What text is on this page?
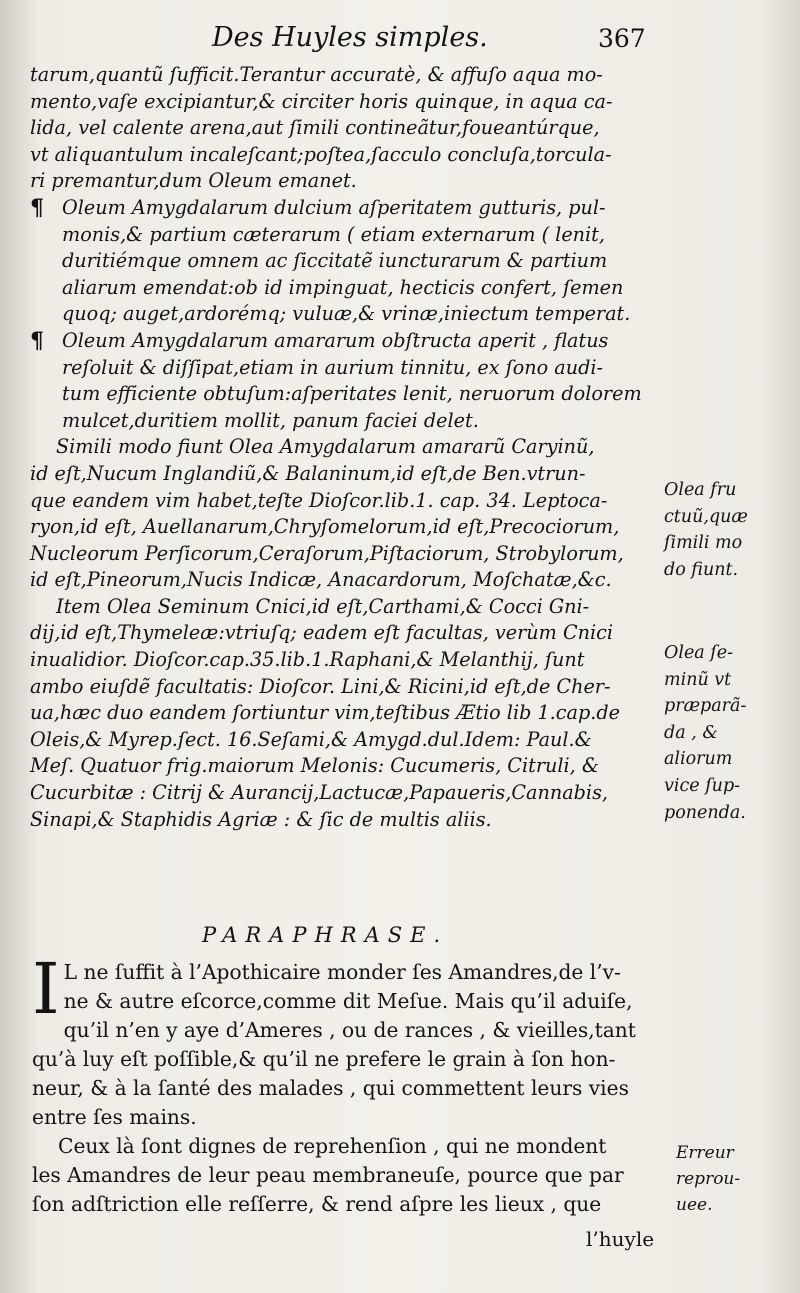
Des Huyles simples.	367
tarum,quantũ ſufficit.Terantur accuratè, & affuſo aqua mo-
mento,vaſe excipiantur,& circiter horis quinque, in aqua ca-
lida, vel calente arena,aut ſimili contineãtur,foueantúrque,
vt aliquantulum incaleſcant;poſtea,ſacculo concluſa,torcula-
ri premantur,dum Oleum emanet.
¶ Oleum Amygdalarum dulcium aſperitatem gutturis, pul-
monis,& partium cæterarum ( etiam externarum ( lenit,
duritiémque omnem ac ſiccitatẽ iuncturarum & partium
aliarum emendat:ob id impinguat, hecticis confert, ſemen
quoq; auget,ardorémq; vuluæ,& vrinæ,iniectum temperat.
¶ Oleum Amygdalarum amararum obſtructa aperit , flatus
reſoluit & diſſipat,etiam in aurium tinnitu, ex ſono audi-
tum efficiente obtuſum:aſperitates lenit, neruorum dolorem
mulcet,duritiem mollit, panum faciei delet.
Simili modo fiunt Olea Amygdalarum amararũ Caryinũ,
id eſt,Nucum Inglandiũ,& Balaninum,id eſt,de Ben.vtrun-
que eandem vim habet,teſte Dioſcor.lib.1. cap. 34. Leptoca-
ryon,id eſt, Auellanarum,Chryſomelorum,id eſt,Precociorum,
Nucleorum Perſicorum,Ceraſorum,Piſtaciorum, Strobylorum,
id eſt,Pineorum,Nucis Indicæ, Anacardorum, Moſchatæ,&c.
Item Olea Seminum Cnici,id eſt,Carthami,& Cocci Gni-
dij,id eſt,Thymeleæ:vtriuſq; eadem eſt facultas, verùm Cnici
inualidior. Dioſcor.cap.35.lib.1.Raphani,& Melanthij, ſunt
ambo eiuſdẽ facultatis: Dioſcor. Lini,& Ricini,id eſt,de Cher-
ua,hæc duo eandem ſortiuntur vim,teſtibus Ætio lib 1.cap.de
Oleis,& Myrep.ſect. 16.Seſami,& Amygd.dul.Idem: Paul.&
Meſ. Quatuor frig.maiorum Melonis: Cucumeris, Citruli, &
Cucurbitæ : Citrij & Aurancij,Lactucæ,Papaueris,Cannabis,
Sinapi,& Staphidis Agriæ : & ſic de multis aliis.
Olea fru
ctuũ,quæ
ſimili mo
do fiunt.
Olea ſe-
minũ vt
præparã-
da , &
aliorum
vice ſup-
ponenda.
PARAPHRASE.
I L ne ſuffit à l’Apothicaire monder ſes Amandres,de l’v-
ne & autre eſcorce,comme dit Meſue. Mais qu’il aduiſe,
qu’il n’en y aye d’Ameres , ou de rances , & vieilles,tant
qu’à luy eſt poſſible,& qu’il ne prefere le grain à ſon hon-
neur, & à la ſanté des malades , qui commettent leurs vies
entre ſes mains.
Ceux là ſont dignes de reprehenſion , qui ne mondent
les Amandres de leur peau membraneuſe, pource que par
ſon adſtriction elle reſſerre, & rend aſpre les lieux , que
Erreur
reprou-
uee.
l’huyle
